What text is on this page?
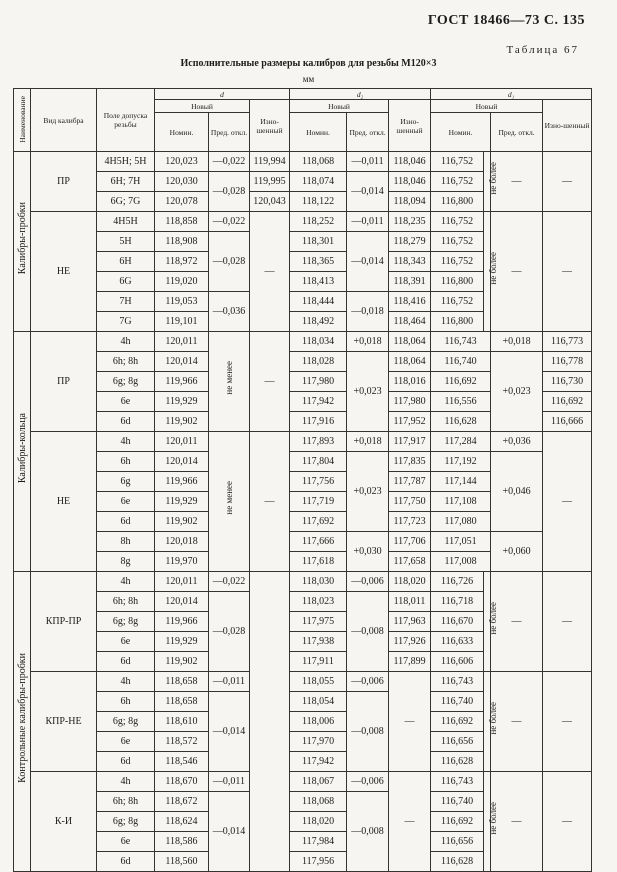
ГОСТ 18466—73 С. 135
Таблица 67
Исполнительные размеры калибров для резьбы M120×3
мм
Наименование	Вид калибра	Поле допуска резьбы	d			d₂			d₁			
			Новый		Изно-шенный	Новый		Изно-шенный	Новый			Изно-шенный
			Номин.	Пред. откл.		Номин.	Пред. откл.		Номин.		Пред. откл.	
Калибры-пробки	ПР	4H5H; 5H	120,023	—0,022	119,994	118,068	—0,011	118,046	116,752	не более	—	—
		6H; 7H	120,030	—0,028	119,995	118,074	—0,014	118,046	116,752			
		6G; 7G	120,078		120,043	118,122		118,094	116,800			
	НЕ	4H5H	118,858	—0,022	—	118,252	—0,011	118,235	116,752	не более	—	—
		5H	118,908	—0,028		118,301	—0,014	118,279	116,752			
		6H	118,972			118,365		118,343	116,752			
		6G	119,020			118,413		118,391	116,800			
		7H	119,053	—0,036		118,444	—0,018	118,416	116,752			
		7G	119,101			118,492		118,464	116,800			
Калибры-кольца	ПР	4h	120,011	не менее	—	118,034	+0,018	118,064	116,743		+0,018	116,773
		6h; 8h	120,014			118,028	+0,023	118,064	116,740		+0,023	116,778
		6g; 8g	119,966			117,980		118,016	116,692			116,730
		6e	119,929			117,942		117,980	116,556			116,692
		6d	119,902			117,916		117,952	116,628			116,666
	НЕ	4h	120,011	не менее	—	117,893	+0,018	117,917	117,284		+0,036	—
		6h	120,014			117,804	+0,023	117,835	117,192		+0,046	
		6g	119,966			117,756		117,787	117,144			
		6e	119,929			117,719		117,750	117,108			
		6d	119,902			117,692		117,723	117,080			
		8h	120,018			117,666	+0,030	117,706	117,051		+0,060	
		8g	119,970			117,618		117,658	117,008			
Контрольные калибры-пробки	КПР-ПР	4h	120,011	—0,022		118,030	—0,006	118,020	116,726	не более	—	—
		6h; 8h	120,014	—0,028		118,023	—0,008	118,011	116,718			
		6g; 8g	119,966			117,975		117,963	116,670			
		6e	119,929			117,938		117,926	116,633			
		6d	119,902			117,911		117,899	116,606			
	КПР-НЕ	4h	118,658	—0,011		118,055	—0,006	—	116,743	не более	—	—
		6h	118,658	—0,014		118,054	—0,008		116,740			
		6g; 8g	118,610			118,006			116,692			
		6e	118,572			117,970			116,656			
		6d	118,546			117,942			116,628			
	К-И	4h	118,670	—0,011		118,067	—0,006	—	116,743	не более	—	—
		6h; 8h	118,672	—0,014		118,068	—0,008		116,740			
		6g; 8g	118,624			118,020			116,692			
		6e	118,586			117,984			116,656			
		6d	118,560			117,956			116,628			
